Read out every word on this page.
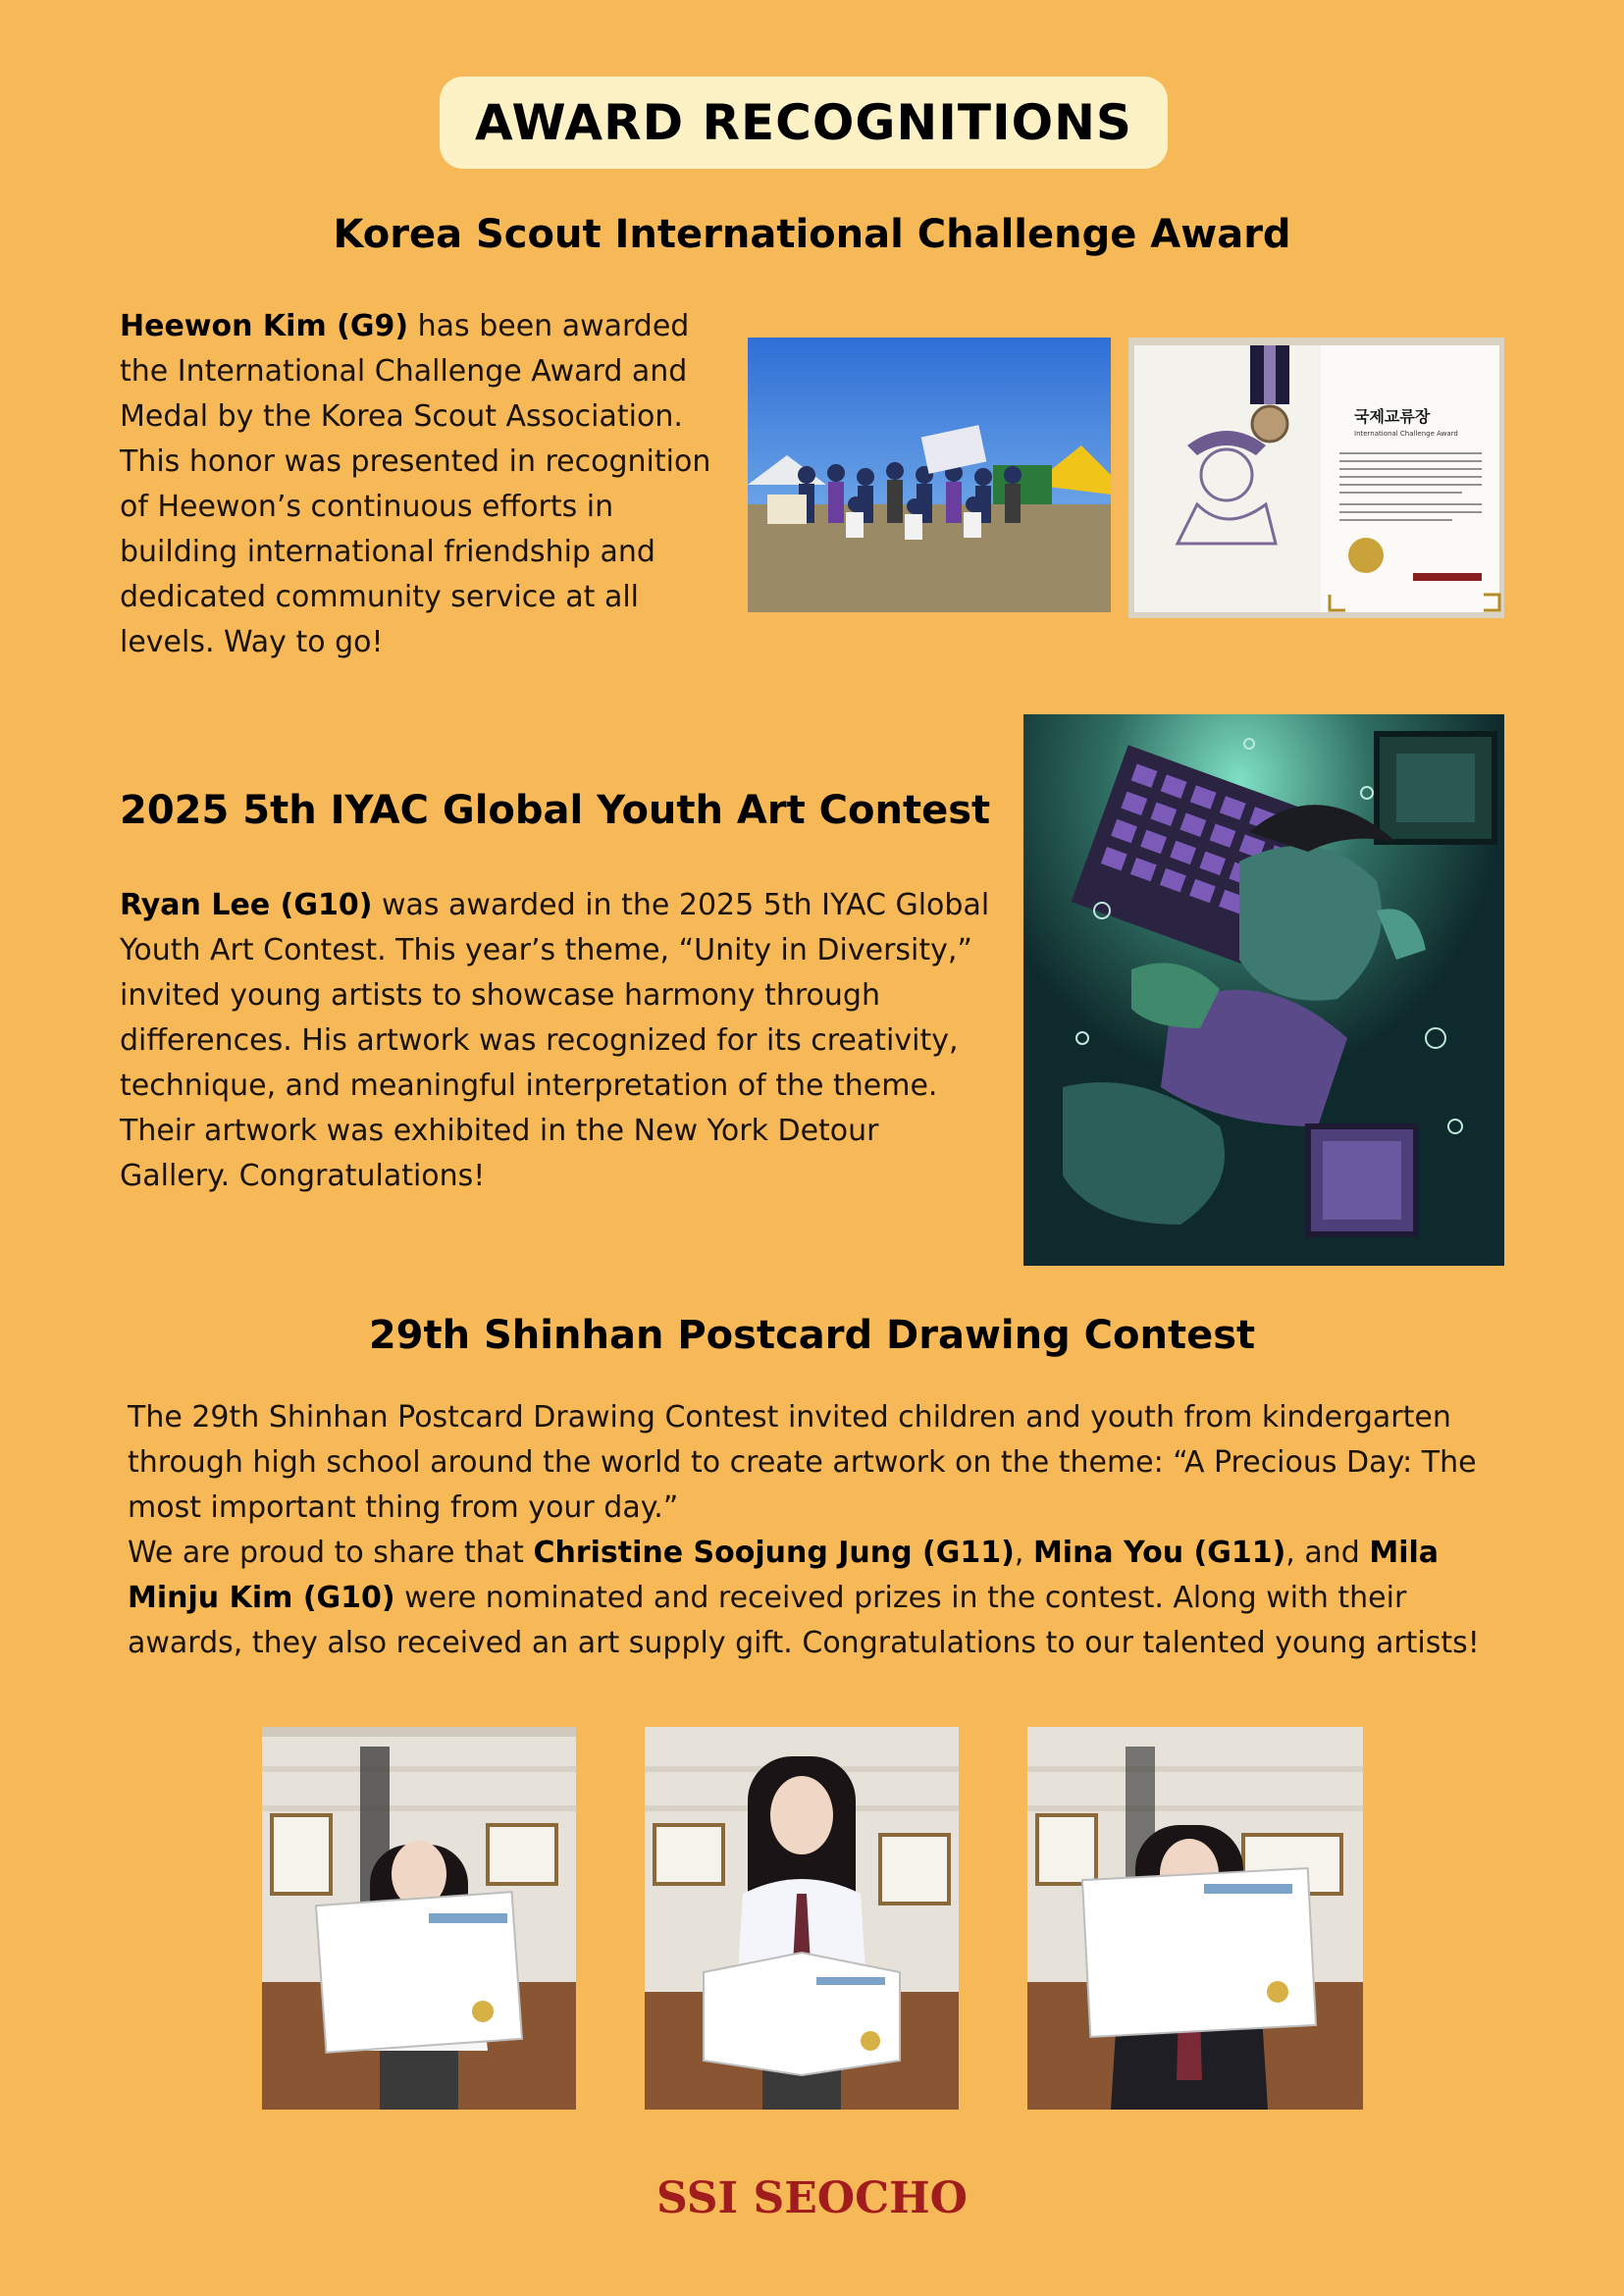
AWARD RECOGNITIONS
Korea Scout International Challenge Award

Heewon Kim (G9) has been awarded the International Challenge Award and Medal by the Korea Scout Association. This honor was presented in recognition of Heewon’s continuous efforts in building international friendship and dedicated community service at all levels. Way to go!

국제교류장
International Challenge Award
2025 5th IYAC Global Youth Art Contest

Ryan Lee (G10) was awarded in the 2025 5th IYAC Global Youth Art Contest. This year’s theme, “Unity in Diversity,” invited young artists to showcase harmony through differences. His artwork was recognized for its creativity, technique, and meaningful interpretation of the theme. Their artwork was exhibited in the New York Detour Gallery. Congratulations!

29th Shinhan Postcard Drawing Contest
The 29th Shinhan Postcard Drawing Contest invited children and youth from kindergarten through high school around the world to create artwork on the theme: “A Precious Day: The most important thing from your day.”
We are proud to share that Christine Soojung Jung (G11), Mina You (G11), and Mila Minju Kim (G10) were nominated and received prizes in the contest. Along with their awards, they also received an art supply gift. Congratulations to our talented young artists!
SSI SEOCHO
